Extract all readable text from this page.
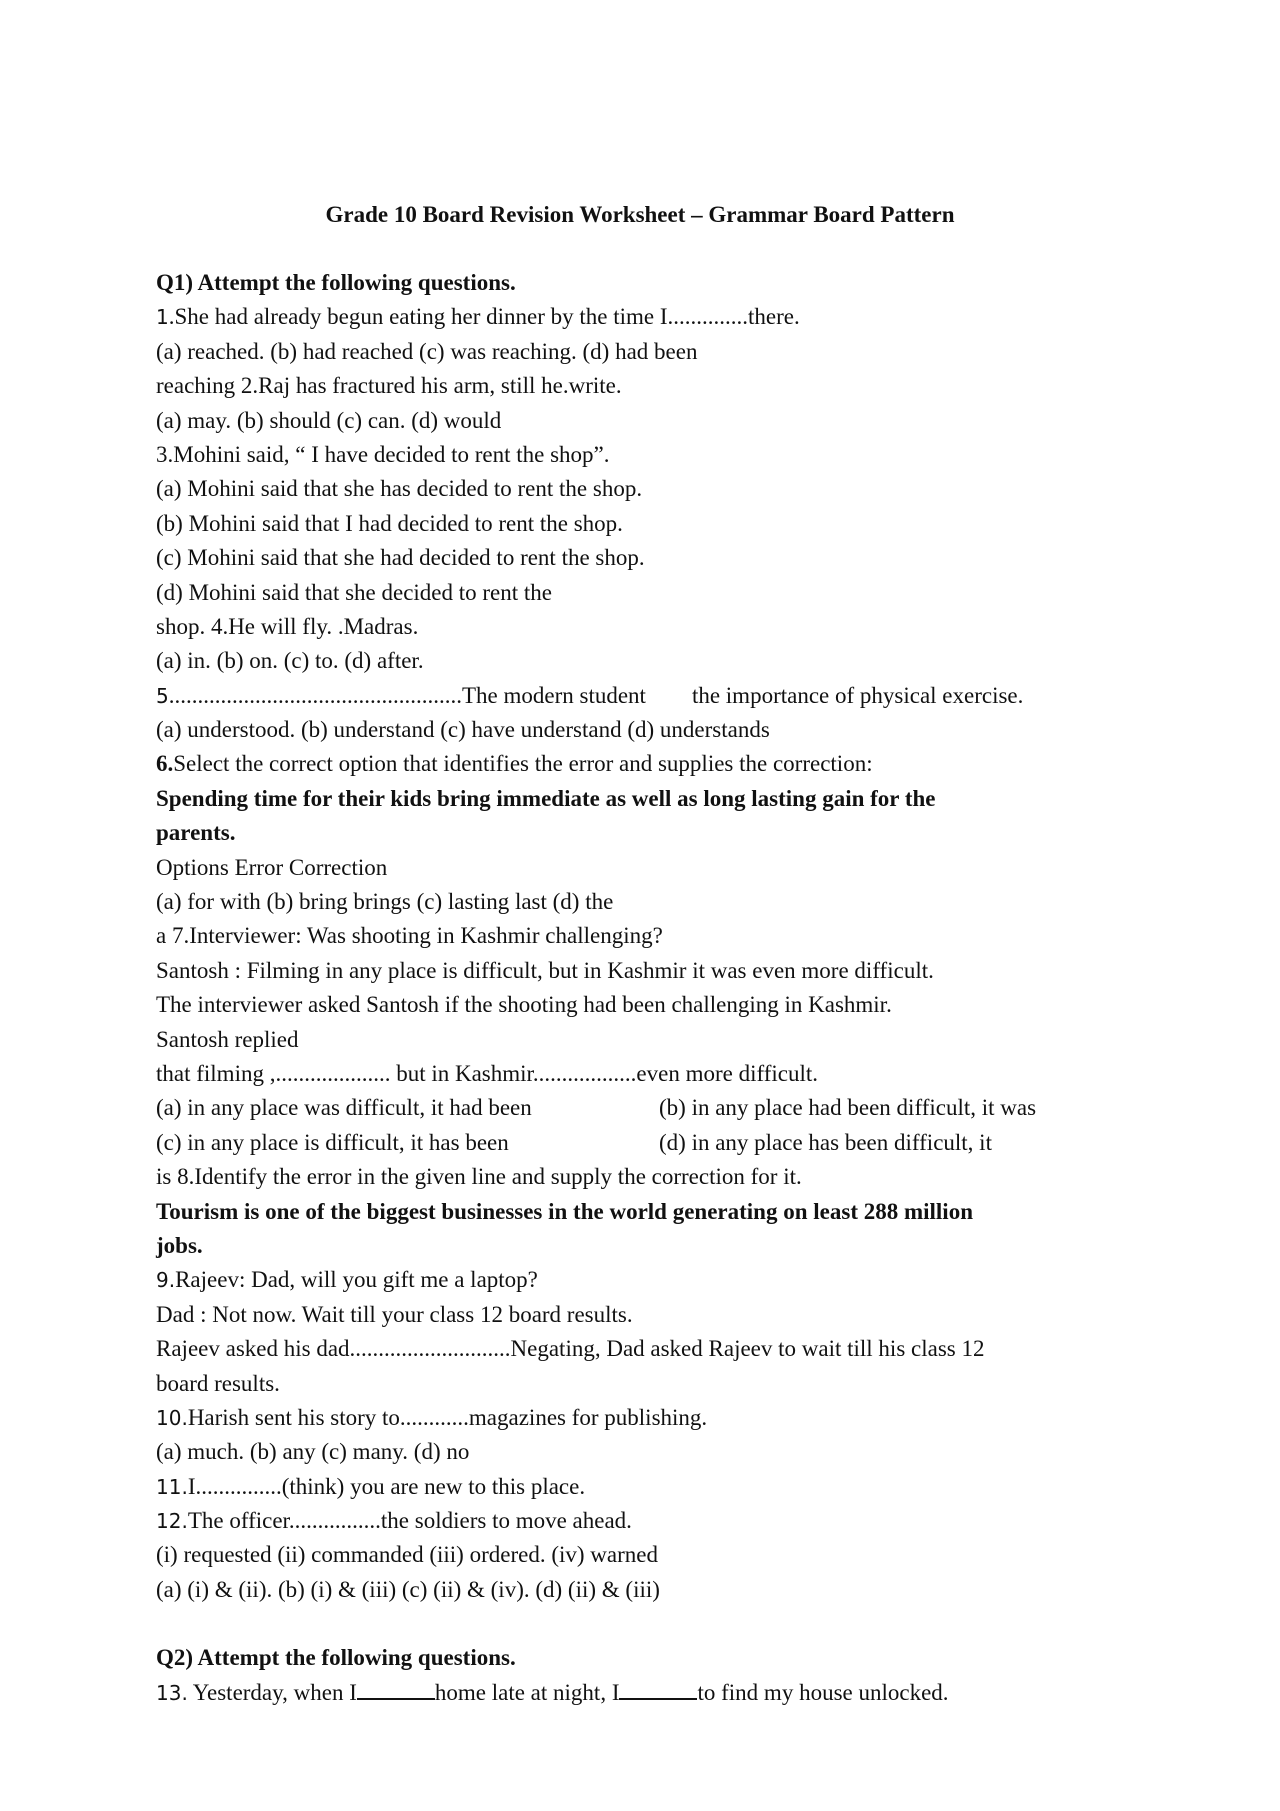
Grade 10 Board Revision Worksheet – Grammar Board Pattern
Q1) Attempt the following questions.
1.She had already begun eating her dinner by the time I..............there.
(a) reached. (b) had reached (c) was reaching. (d) had been
reaching 2.Raj has fractured his arm, still he.write.
(a) may. (b) should (c) can. (d) would
3.Mohini said, “ I have decided to rent the shop”.
(a) Mohini said that she has decided to rent the shop.
(b) Mohini said that I had decided to rent the shop.
(c) Mohini said that she had decided to rent the shop.
(d) Mohini said that she decided to rent the
shop. 4.He will fly. .Madras.
(a) in. (b) on. (c) to. (d) after.
5...................................................The modern student        the importance of physical exercise.
(a) understood. (b) understand (c) have understand (d) understands
6.Select the correct option that identifies the error and supplies the correction:
Spending time for their kids bring immediate as well as long lasting gain for the
parents.
Options Error Correction
(a) for with (b) bring brings (c) lasting last (d) the
a 7.Interviewer: Was shooting in Kashmir challenging?
Santosh : Filming in any place is difficult, but in Kashmir it was even more difficult.
The interviewer asked Santosh if the shooting had been challenging in Kashmir.
Santosh replied
that filming ,.................... but in Kashmir..................even more difficult.
(a) in any place was difficult, it had been	(b) in any place had been difficult, it was
(c) in any place is difficult, it has been	(d) in any place has been difficult, it
is 8.Identify the error in the given line and supply the correction for it.
Tourism is one of the biggest businesses in the world generating on least 288 million
jobs.
9.Rajeev: Dad, will you gift me a laptop?
Dad : Not now. Wait till your class 12 board results.
Rajeev asked his dad............................Negating, Dad asked Rajeev to wait till his class 12
board results.
10.Harish sent his story to............magazines for publishing.
(a) much. (b) any (c) many. (d) no
11.I...............(think) you are new to this place.
12.The officer................the soldiers to move ahead.
(i) requested (ii) commanded (iii) ordered. (iv) warned
(a) (i) & (ii). (b) (i) & (iii) (c) (ii) & (iv). (d) (ii) & (iii)
Q2) Attempt the following questions.
13. Yesterday, when I	home late at night, I	to find my house unlocked.
